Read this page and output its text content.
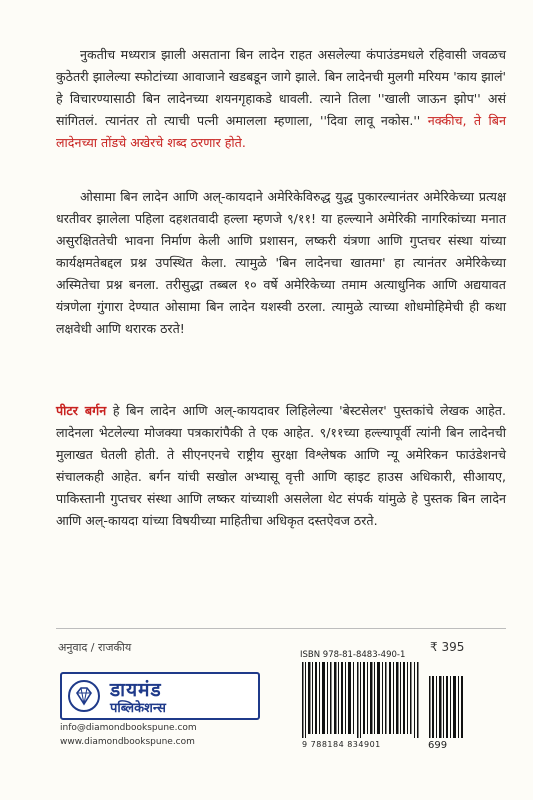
नुकतीच मध्यरात्र झाली असताना बिन लादेन राहत असलेल्या कंपाउंडमधले रहिवासी जवळच कुठेतरी झालेल्या स्फोटांच्या आवाजाने खडबडून जागे झाले. बिन लादेनची मुलगी मरियम 'काय झालं' हे विचारण्यासाठी बिन लादेनच्या शयनगृहाकडे धावली. त्याने तिला ''खाली जाऊन झोप'' असं सांगितलं. त्यानंतर तो त्याची पत्नी अमालला म्हणाला, ''दिवा लावू नकोस.'' नक्कीच, ते बिन लादेनच्या तोंडचे अखेरचे शब्द ठरणार होते.

ओसामा बिन लादेन आणि अल्-कायदाने अमेरिकेविरुद्ध युद्ध पुकारल्यानंतर अमेरिकेच्या प्रत्यक्ष धरतीवर झालेला पहिला दहशतवादी हल्ला म्हणजे ९/११! या हल्ल्याने अमेरिकी नागरिकांच्या मनात असुरक्षिततेची भावना निर्माण केली आणि प्रशासन, लष्करी यंत्रणा आणि गुप्तचर संस्था यांच्या कार्यक्षमतेबद्दल प्रश्न उपस्थित केला. त्यामुळे 'बिन लादेनचा खातमा' हा त्यानंतर अमेरिकेच्या अस्मितेचा प्रश्न बनला. तरीसुद्धा तब्बल १० वर्षे अमेरिकेच्या तमाम अत्याधुनिक आणि अद्ययावत यंत्रणेला गुंगारा देण्यात ओसामा बिन लादेन यशस्वी ठरला. त्यामुळे त्याच्या शोधमोहिमेची ही कथा लक्षवेधी आणि थरारक ठरते!

पीटर बर्गन हे बिन लादेन आणि अल्-कायदावर लिहिलेल्या 'बेस्टसेलर' पुस्तकांचे लेखक आहेत. लादेनला भेटलेल्या मोजक्या पत्रकारांपैकी ते एक आहेत. ९/११च्या हल्ल्यापूर्वी त्यांनी बिन लादेनची मुलाखत घेतली होती. ते सीएनएनचे राष्ट्रीय सुरक्षा विश्लेषक आणि न्यू अमेरिकन फाउंडेशनचे संचालकही आहेत. बर्गन यांची सखोल अभ्यासू वृत्ती आणि व्हाइट हाउस अधिकारी, सीआयए, पाकिस्तानी गुप्तचर संस्था आणि लष्कर यांच्याशी असलेला थेट संपर्क यांमुळे हे पुस्तक बिन लादेन आणि अल्-कायदा यांच्या विषयीच्या माहितीचा अधिकृत दस्तऐवज ठरते.

अनुवाद / राजकीय	₹ 395
डायमंड
पब्लिकेशन्स
info@diamondbookspune.com
www.diamondbookspune.com
ISBN 978-81-8483-490-1
9 788184 834901	699
